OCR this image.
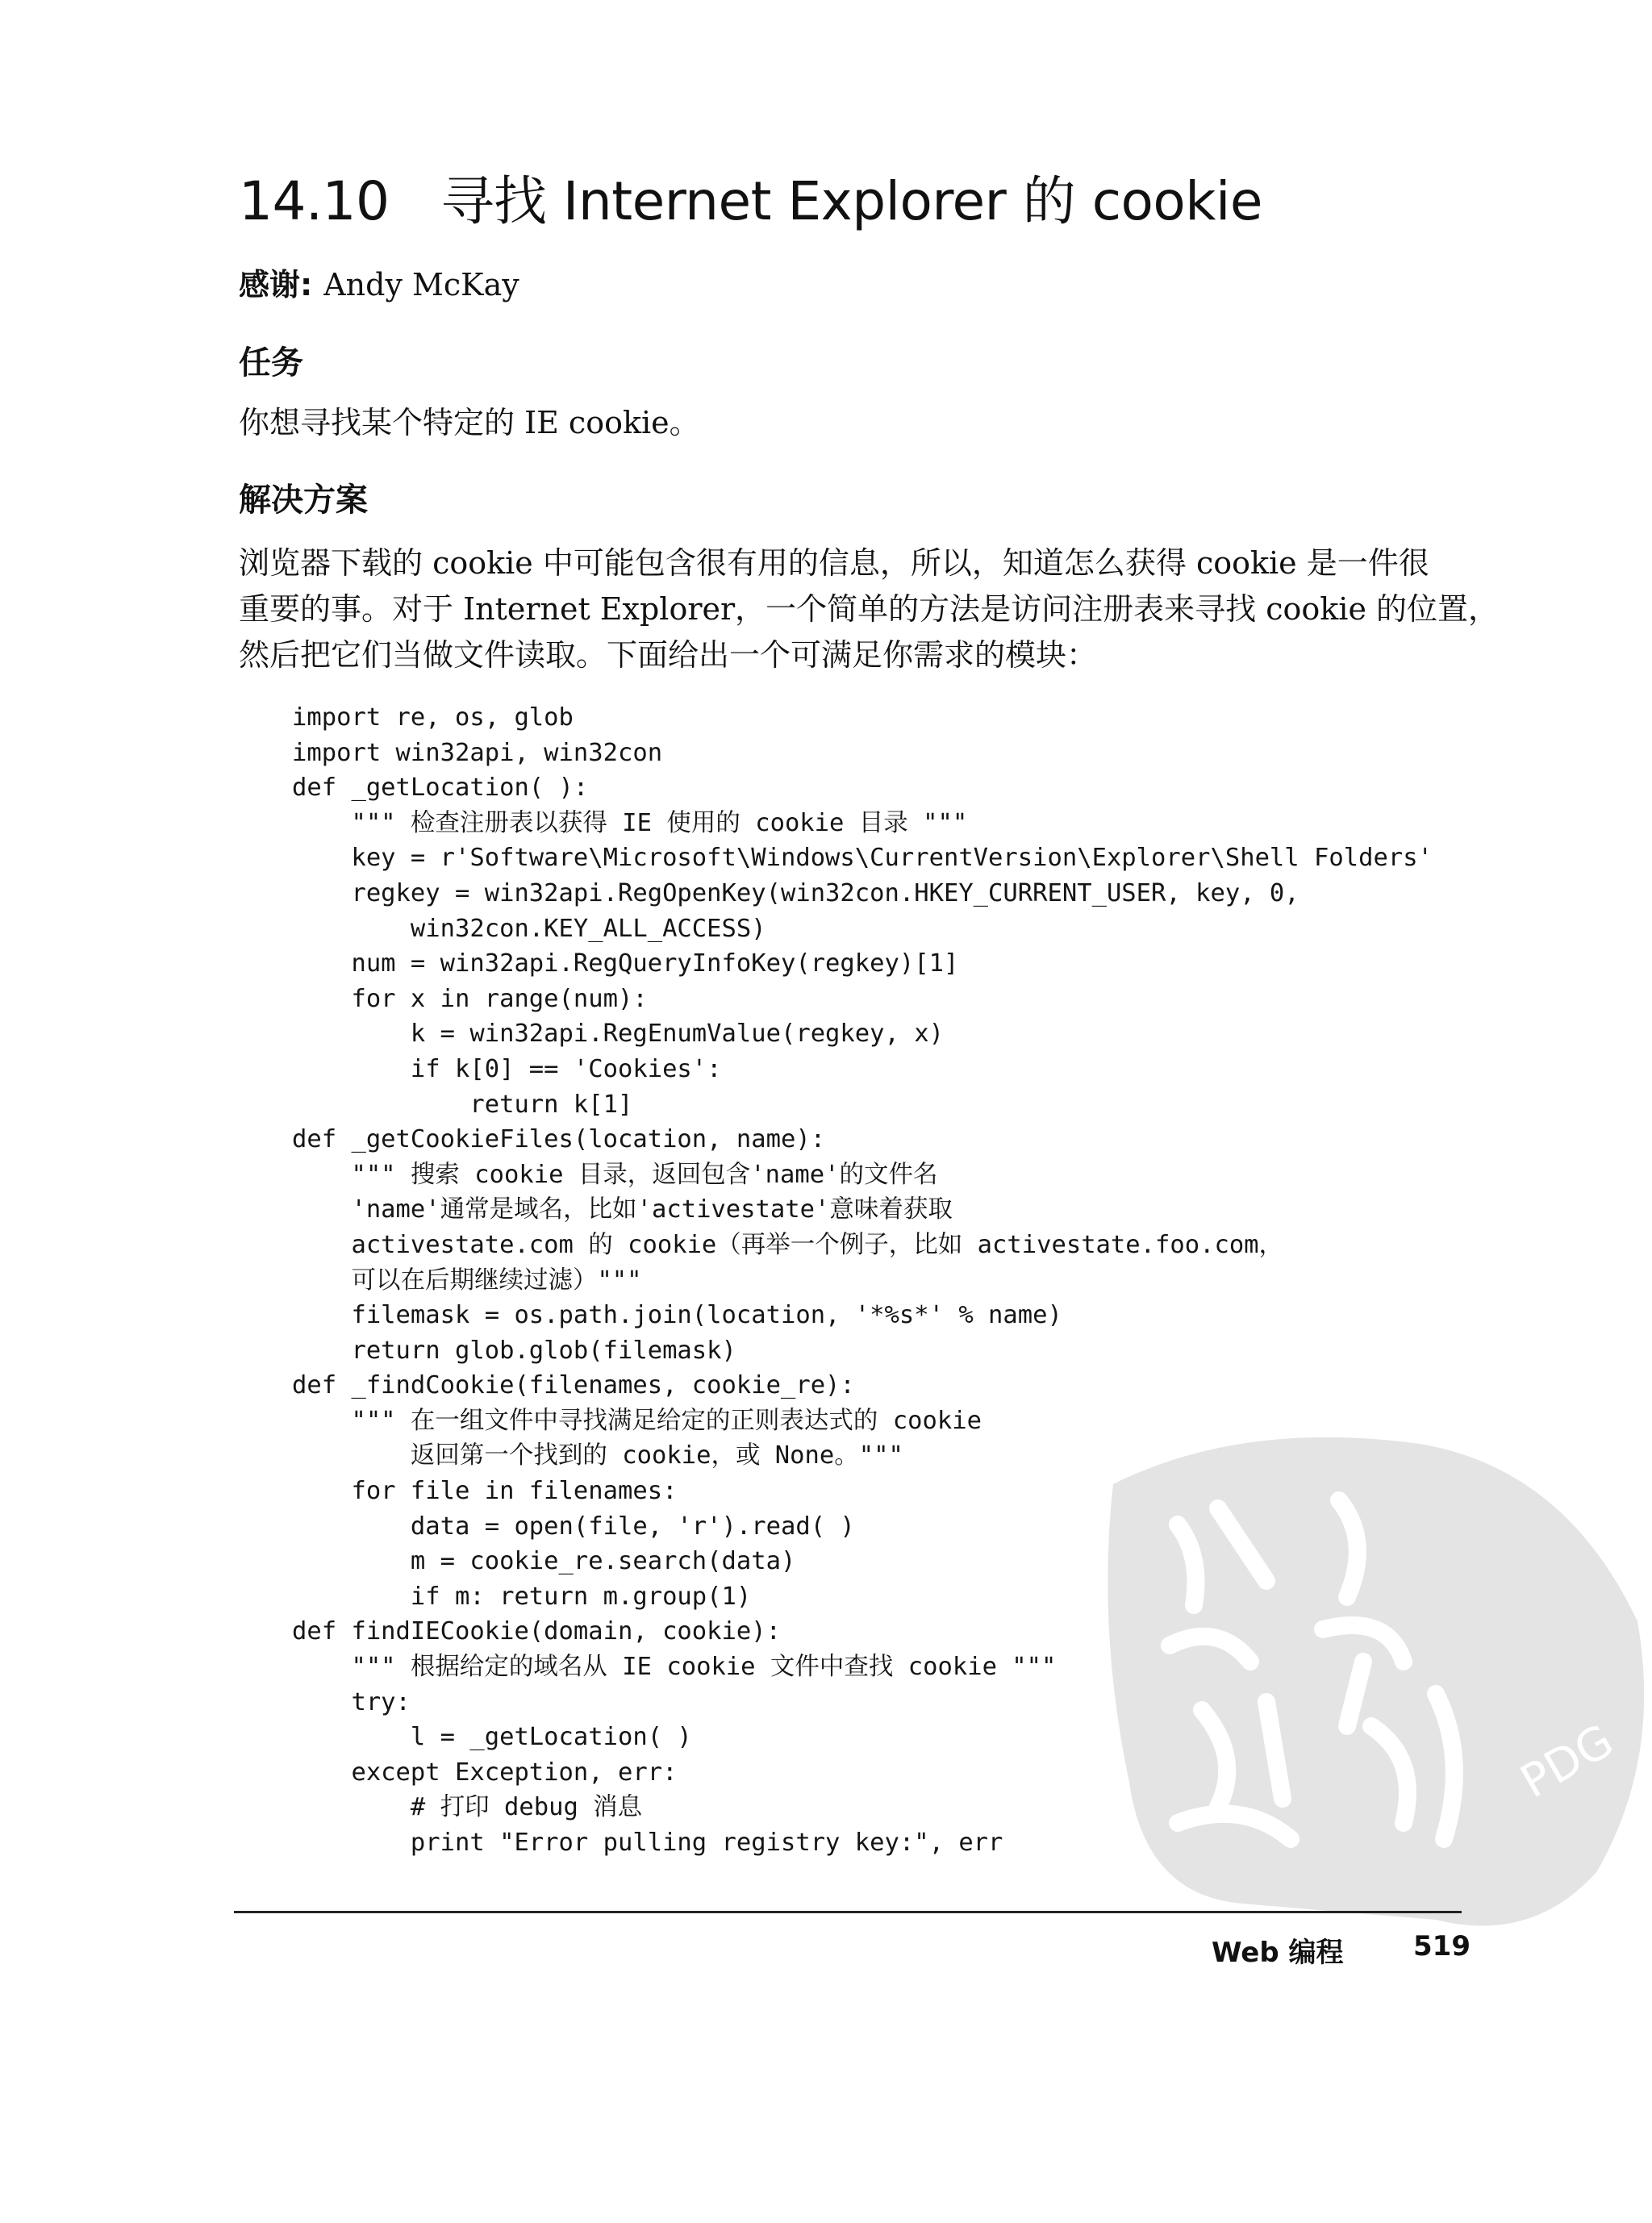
14.10 寻找 Internet Explorer 的 cookie
感谢: Andy McKay
任务

你想寻找某个特定的 IE cookie。

解决方案

浏览器下载的 cookie 中可能包含很有用的信息，所以，知道怎么获得 cookie 是一件很

重要的事。对于 Internet Explorer，一个简单的方法是访问注册表来寻找 cookie 的位置，

然后把它们当做文件读取。下面给出一个可满足你需求的模块：

import re, os, glob
import win32api, win32con
def _getLocation( ):
""" 检查注册表以获得 IE 使用的 cookie 目录 """
key = r'Software\Microsoft\Windows\CurrentVersion\Explorer\Shell Folders'
regkey = win32api.RegOpenKey(win32con.HKEY_CURRENT_USER, key, 0,
win32con.KEY_ALL_ACCESS)
num = win32api.RegQueryInfoKey(regkey)[1]
for x in range(num):
k = win32api.RegEnumValue(regkey, x)
if k[0] == 'Cookies':
return k[1]
def _getCookieFiles(location, name):
""" 搜索 cookie 目录，返回包含'name'的文件名
'name'通常是域名，比如'activestate'意味着获取
activestate.com 的 cookie（再举一个例子，比如 activestate.foo.com，
可以在后期继续过滤）"""
filemask = os.path.join(location, '*%s*' % name)
return glob.glob(filemask)
def _findCookie(filenames, cookie_re):
""" 在一组文件中寻找满足给定的正则表达式的 cookie
返回第一个找到的 cookie，或 None。"""
for file in filenames:
data = open(file, 'r').read( )
m = cookie_re.search(data)
if m: return m.group(1)
def findIECookie(domain, cookie):
""" 根据给定的域名从 IE cookie 文件中查找 cookie """
try:
l = _getLocation( )
except Exception, err:
# 打印 debug 消息
print "Error pulling registry key:", err
PDG
Web 编程	519
